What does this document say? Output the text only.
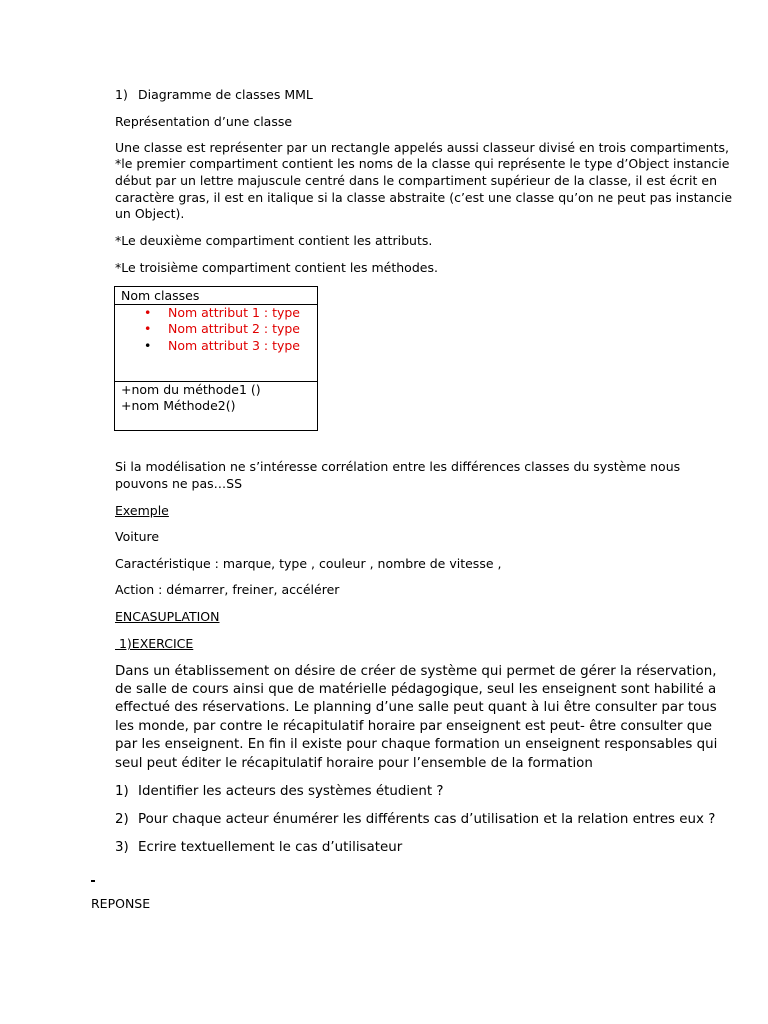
1) Diagramme de classes MML
Représentation d’une classe
Une classe est représenter par un rectangle appelés aussi classeur divisé en trois compartiments,
*le premier compartiment contient les noms de la classe qui représente le type d’Object instancie
début par un lettre majuscule centré dans le compartiment supérieur de la classe, il est écrit en
caractère gras, il est en italique si la classe abstraite (c’est une classe qu’on ne peut pas instancie
un Object).
*Le deuxième compartiment contient les attributs.
*Le troisième compartiment contient les méthodes.
Nom classes
• Nom attribut 1 : type
• Nom attribut 2 : type
• Nom attribut 3 : type
+nom du méthode1 ()
+nom Méthode2()
Si la modélisation ne s’intéresse corrélation entre les différences classes du système nous
pouvons ne pas…SS
Exemple
Voiture
Caractéristique : marque, type , couleur , nombre de vitesse ,
Action : démarrer, freiner, accélérer
ENCASUPLATION
1)EXERCICE
Dans un établissement on désire de créer de système qui permet de gérer la réservation,
de salle de cours ainsi que de matérielle pédagogique, seul les enseignent sont habilité a
effectué des réservations. Le planning d’une salle peut quant à lui être consulter par tous
les monde, par contre le récapitulatif horaire par enseignent est peut- être consulter que
par les enseignent. En fin il existe pour chaque formation un enseignent responsables qui
seul peut éditer le récapitulatif horaire pour l’ensemble de la formation
1) Identifier les acteurs des systèmes étudient ?
2) Pour chaque acteur énumérer les différents cas d’utilisation et la relation entres eux ?
3) Ecrire textuellement le cas d’utilisateur
REPONSE
